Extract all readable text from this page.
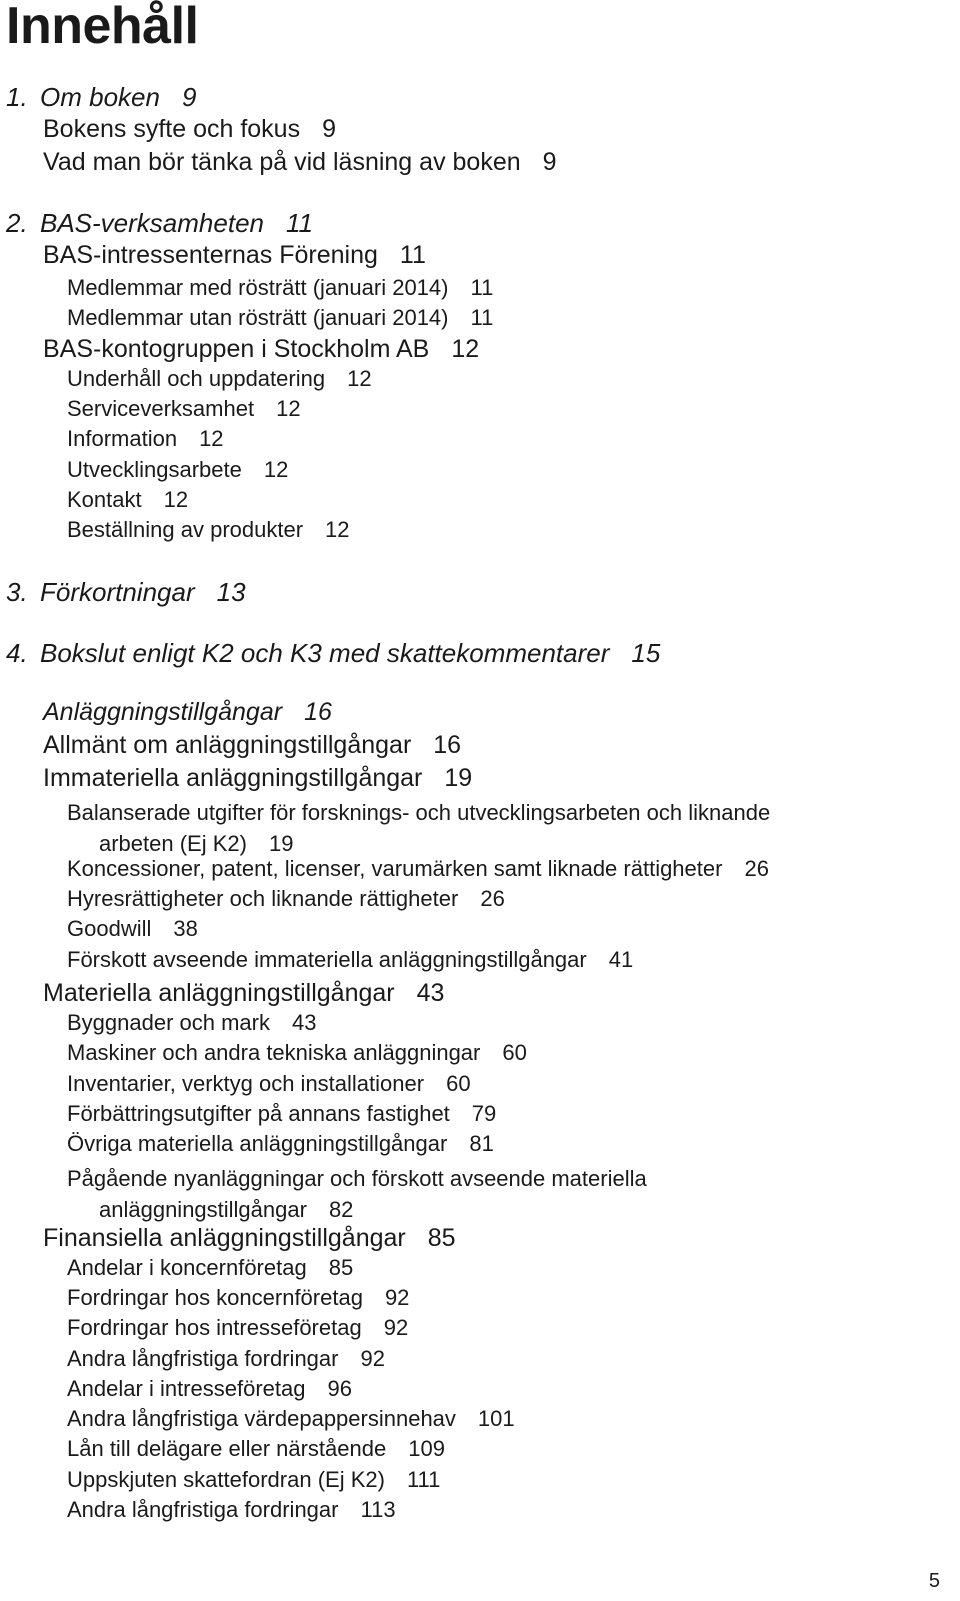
Innehåll
1. Om boken 9
Bokens syfte och fokus 9
Vad man bör tänka på vid läsning av boken 9
2. BAS-verksamheten 11
BAS-intressenternas Förening 11
Medlemmar med rösträtt (januari 2014) 11
Medlemmar utan rösträtt (januari 2014) 11
BAS-kontogruppen i Stockholm AB 12
Underhåll och uppdatering 12
Serviceverksamhet 12
Information 12
Utvecklingsarbete 12
Kontakt 12
Beställning av produkter 12
3. Förkortningar 13
4. Bokslut enligt K2 och K3 med skattekommentarer 15
Anläggningstillgångar 16
Allmänt om anläggningstillgångar 16
Immateriella anläggningstillgångar 19
Balanserade utgifter för forsknings- och utvecklingsarbeten och liknande
arbeten (Ej K2) 19
Koncessioner, patent, licenser, varumärken samt liknade rättigheter 26
Hyresrättigheter och liknande rättigheter 26
Goodwill 38
Förskott avseende immateriella anläggningstillgångar 41
Materiella anläggningstillgångar 43
Byggnader och mark 43
Maskiner och andra tekniska anläggningar 60
Inventarier, verktyg och installationer 60
Förbättringsutgifter på annans fastighet 79
Övriga materiella anläggningstillgångar 81
Pågående nyanläggningar och förskott avseende materiella
anläggningstillgångar 82
Finansiella anläggningstillgångar 85
Andelar i koncernföretag 85
Fordringar hos koncernföretag 92
Fordringar hos intresseföretag 92
Andra långfristiga fordringar 92
Andelar i intresseföretag 96
Andra långfristiga värdepappersinnehav 101
Lån till delägare eller närstående 109
Uppskjuten skattefordran (Ej K2) 111
Andra långfristiga fordringar 113
5
